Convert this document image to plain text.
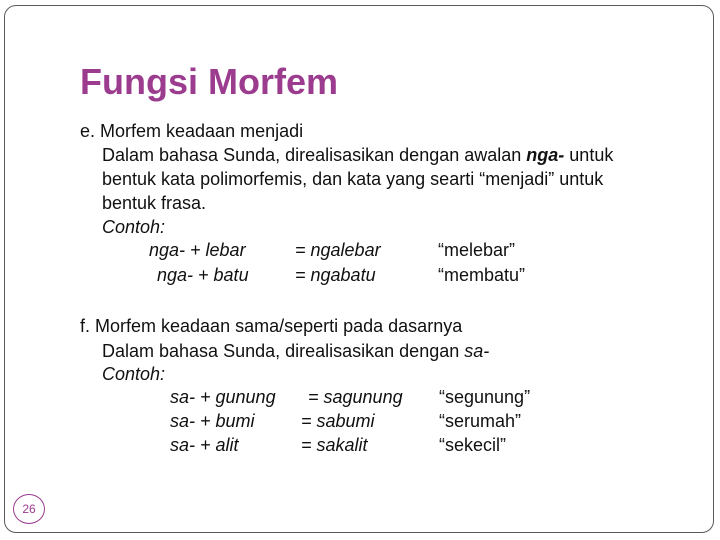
Fungsi Morfem
e. Morfem keadaan menjadi
Dalam bahasa Sunda, direalisasikan dengan awalan nga- untuk
bentuk kata polimorfemis, dan kata yang searti “menjadi” untuk
bentuk frasa.
Contoh:
nga- + lebar	= ngalebar	“melebar”
nga- + batu	= ngabatu	“membatu”
f. Morfem keadaan sama/seperti pada dasarnya
Dalam bahasa Sunda, direalisasikan dengan sa-
Contoh:
sa- + gunung = sagunung “segunung”
sa- + bumi	= sabumi	“serumah”
sa- + alit	= sakalit	“sekecil”
26
